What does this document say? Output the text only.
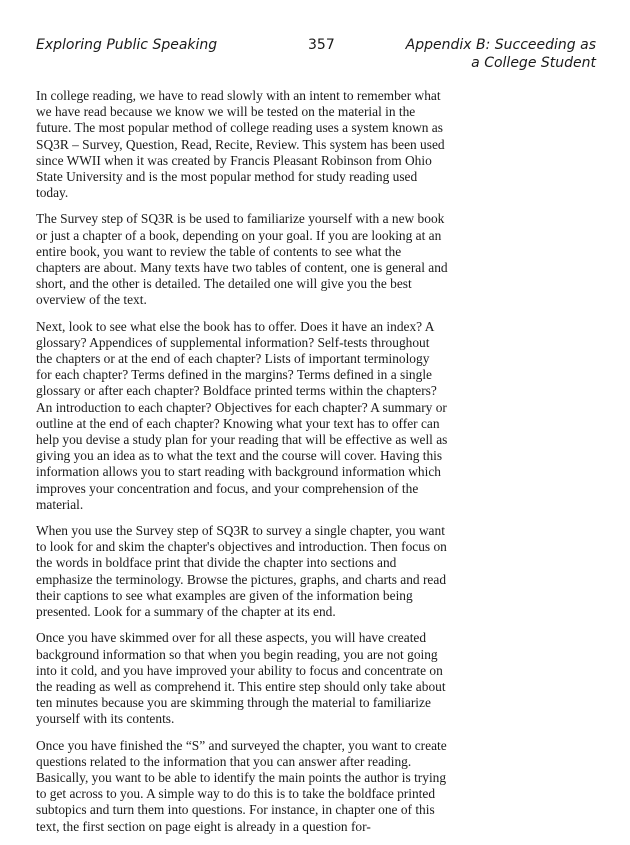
Exploring Public Speaking	357	Appendix B: Succeeding as a College Student

In college reading, we have to read slowly with an intent to remember what we have read because we know we will be tested on the material in the future. The most popular method of college reading uses a system known as SQ3R – Survey, Question, Read, Recite, Review. This system has been used since WWII when it was created by Francis Pleasant Robinson from Ohio State University and is the most popular method for study reading used today.

The Survey step of SQ3R is be used to familiarize yourself with a new book or just a chapter of a book, depending on your goal. If you are looking at an entire book, you want to review the table of contents to see what the chapters are about. Many texts have two tables of content, one is general and short, and the other is detailed. The detailed one will give you the best overview of the text.

Next, look to see what else the book has to offer. Does it have an index? A glossary? Appendices of supplemental information? Self-tests throughout the chapters or at the end of each chapter? Lists of important terminology for each chapter? Terms defined in the margins? Terms defined in a single glossary or after each chapter? Boldface printed terms within the chapters? An introduction to each chapter? Objectives for each chapter? A summary or outline at the end of each chapter? Knowing what your text has to offer can help you devise a study plan for your reading that will be effective as well as giving you an idea as to what the text and the course will cover. Having this information allows you to start reading with background information which improves your concentration and focus, and your comprehension of the material.

When you use the Survey step of SQ3R to survey a single chapter, you want to look for and skim the chapter's objectives and introduction. Then focus on the words in boldface print that divide the chapter into sections and emphasize the terminology. Browse the pictures, graphs, and charts and read their captions to see what examples are given of the information being presented. Look for a summary of the chapter at its end.

Once you have skimmed over for all these aspects, you will have created background information so that when you begin reading, you are not going into it cold, and you have improved your ability to focus and concentrate on the reading as well as comprehend it. This entire step should only take about ten minutes because you are skimming through the material to familiarize yourself with its contents.

Once you have finished the “S” and surveyed the chapter, you want to create questions related to the information that you can answer after reading. Basically, you want to be able to identify the main points the author is trying to get across to you. A simple way to do this is to take the boldface printed subtopics and turn them into questions. For instance, in chapter one of this text, the first section on page eight is already in a question for-
